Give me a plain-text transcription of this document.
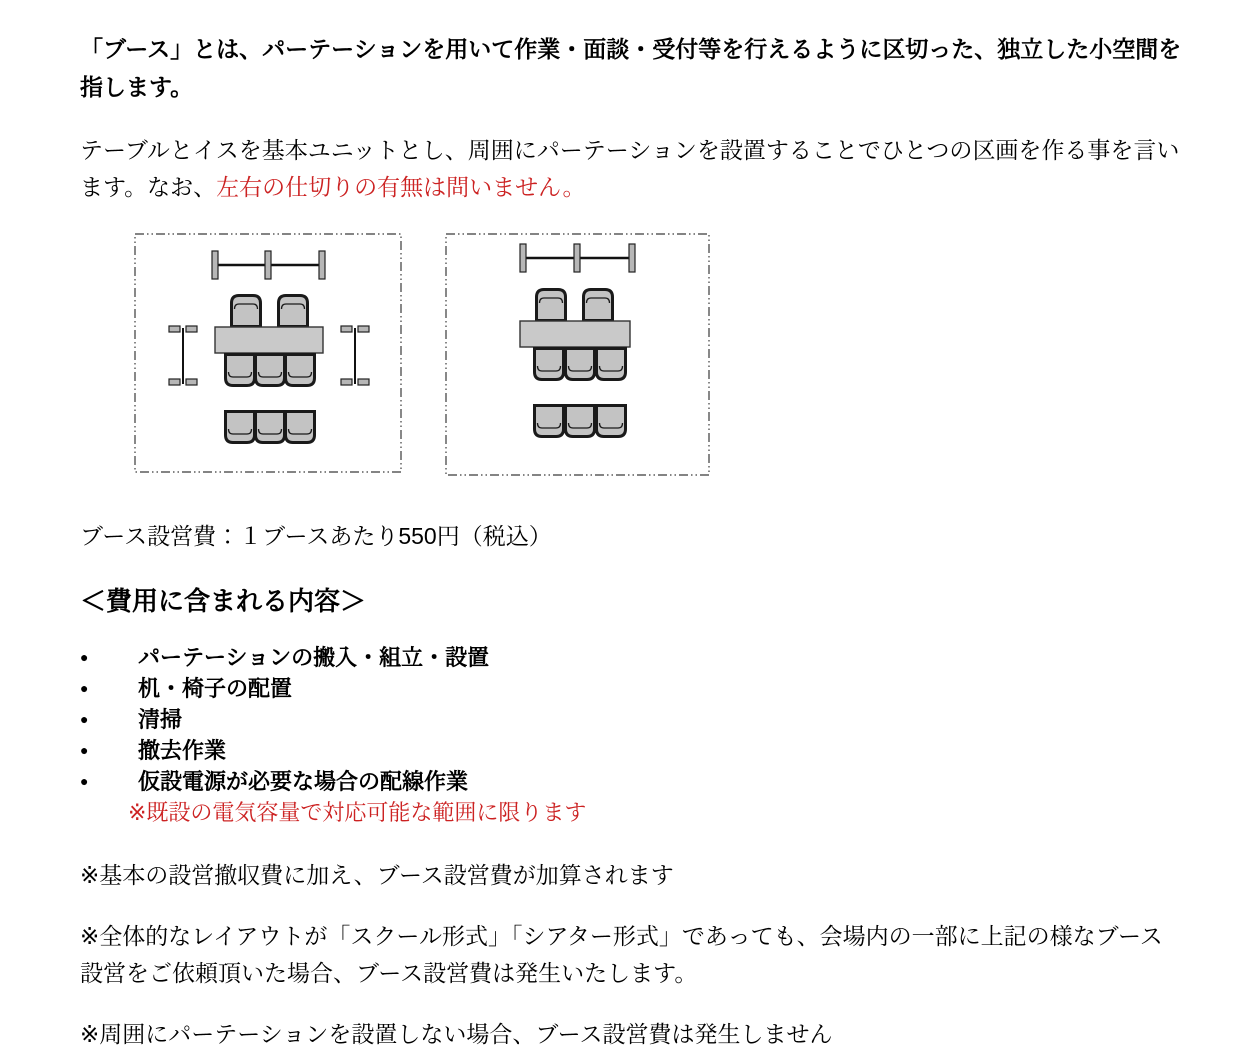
「ブース」とは、パーテーションを用いて作業・面談・受付等を行えるように区切った、独立した小空間を指します。

テーブルとイスを基本ユニットとし、周囲にパーテーションを設置することでひとつの区画を作る事を言います。なお、左右の仕切りの有無は問いません。

ブース設営費：１ブースあたり550円（税込）

＜費用に含まれる内容＞
●	パーテーションの搬入・組立・設置
●	机・椅子の配置
●	清掃
●	撤去作業
●	仮設電源が必要な場合の配線作業

※既設の電気容量で対応可能な範囲に限ります

※基本の設営撤収費に加え、ブース設営費が加算されます

※全体的なレイアウトが「スクール形式」「シアター形式」であっても、会場内の一部に上記の様なブース設営をご依頼頂いた場合、ブース設営費は発生いたします。

※周囲にパーテーションを設置しない場合、ブース設営費は発生しません
